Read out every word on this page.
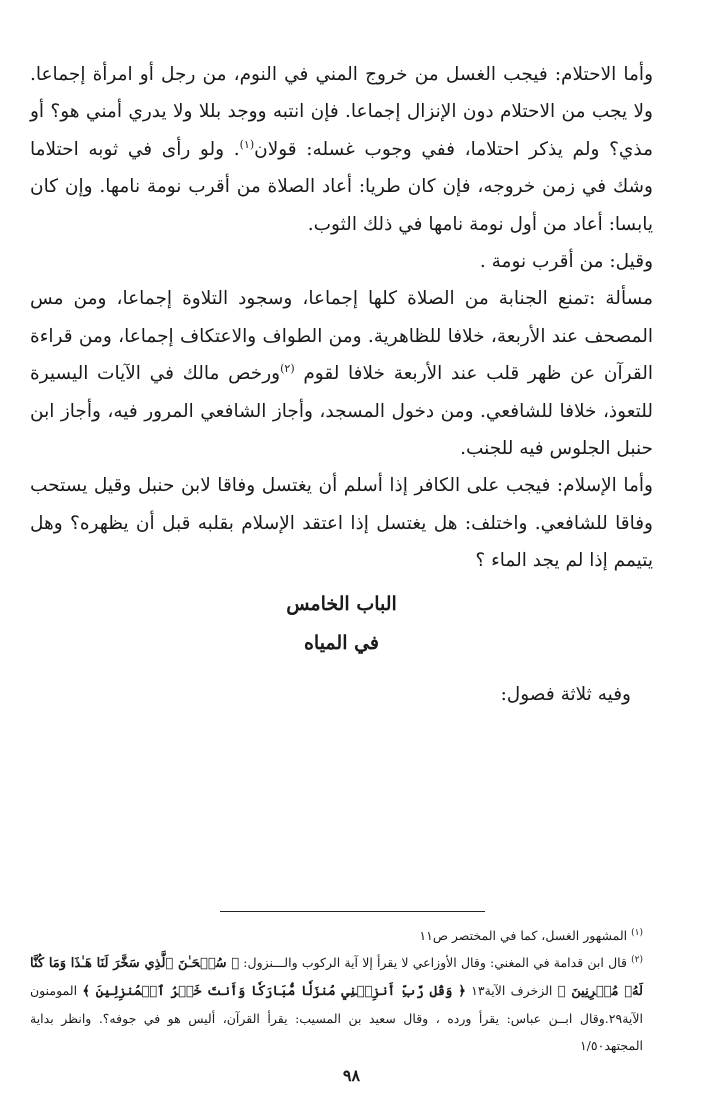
وأما الاحتلام: فيجب الغسل من خروج المني في النوم، من رجل أو امرأة إجماعا. ولا يجب من الاحتلام دون الإنزال إجماعا. فإن انتبه ووجد بللا ولا يدري أمني هو؟ أو مذي؟ ولم يذكر احتلاما، ففي وجوب غسله: قولان$^{(١)}$. ولو رأى في ثوبه احتلاما وشك في زمن خروجه، فإن كان طريا: أعاد الصلاة من أقرب نومة نامها. وإن كان يابسا: أعاد من أول نومة نامها في ذلك الثوب.

وقيل: من أقرب نومة .

مسألة :تمنع الجنابة من الصلاة كلها إجماعا، وسجود التلاوة إجماعا، ومن مس المصحف عند الأربعة، خلافا للظاهرية. ومن الطواف والاعتكاف إجماعا، ومن قراءة القرآن عن ظهر قلب عند الأربعة خلافا لقوم $^{(٢)}$ورخص مالك في الآيات اليسيرة للتعوذ، خلافا للشافعي. ومن دخول المسجد، وأجاز الشافعي المرور فيه، وأجاز ابن حنبل الجلوس فيه للجنب.

وأما الإسلام: فيجب على الكافر إذا أسلم أن يغتسل وفاقا لابن حنبل وقيل يستحب وفاقا للشافعي. واختلف: هل يغتسل إذا اعتقد الإسلام بقلبه قبل أن يظهره؟ وهل يتيمم إذا لم يجد الماء ؟

الباب الخامس
في المياه

وفيه ثلاثة فصول:

$^{(١)}$ المشهور الغسل، كما في المختصر ص١١

$^{(٢)}$ قال ابن قدامة في المغني: وقال الأوزاعي لا يقرأ إلا آية الركوب والـــنزول: ﴿ سُبۡحَـٰنَ ٱلَّذِي سَخَّرَ لَنَا هَـٰذَا وَمَا كُنَّا لَهُۥ مُقۡرِنِينَ ﴾ الزخرف الآية١٣ ﴿ وَقُل رَّبِّ أَنزِلۡنِي مُنزَلٗا مُّبَارَكٗا وَأَنتَ خَيۡرُ ٱلۡمُنزِلِينَ ﴾ المومنون الآية٢٩.وقال ابــن عباس: يقرأ ورده ، وقال سعيد بن المسيب: يقرأ القرآن، أليس هو في جوفه؟. وانظر بداية المجتهد١/٥٠

٩٨
